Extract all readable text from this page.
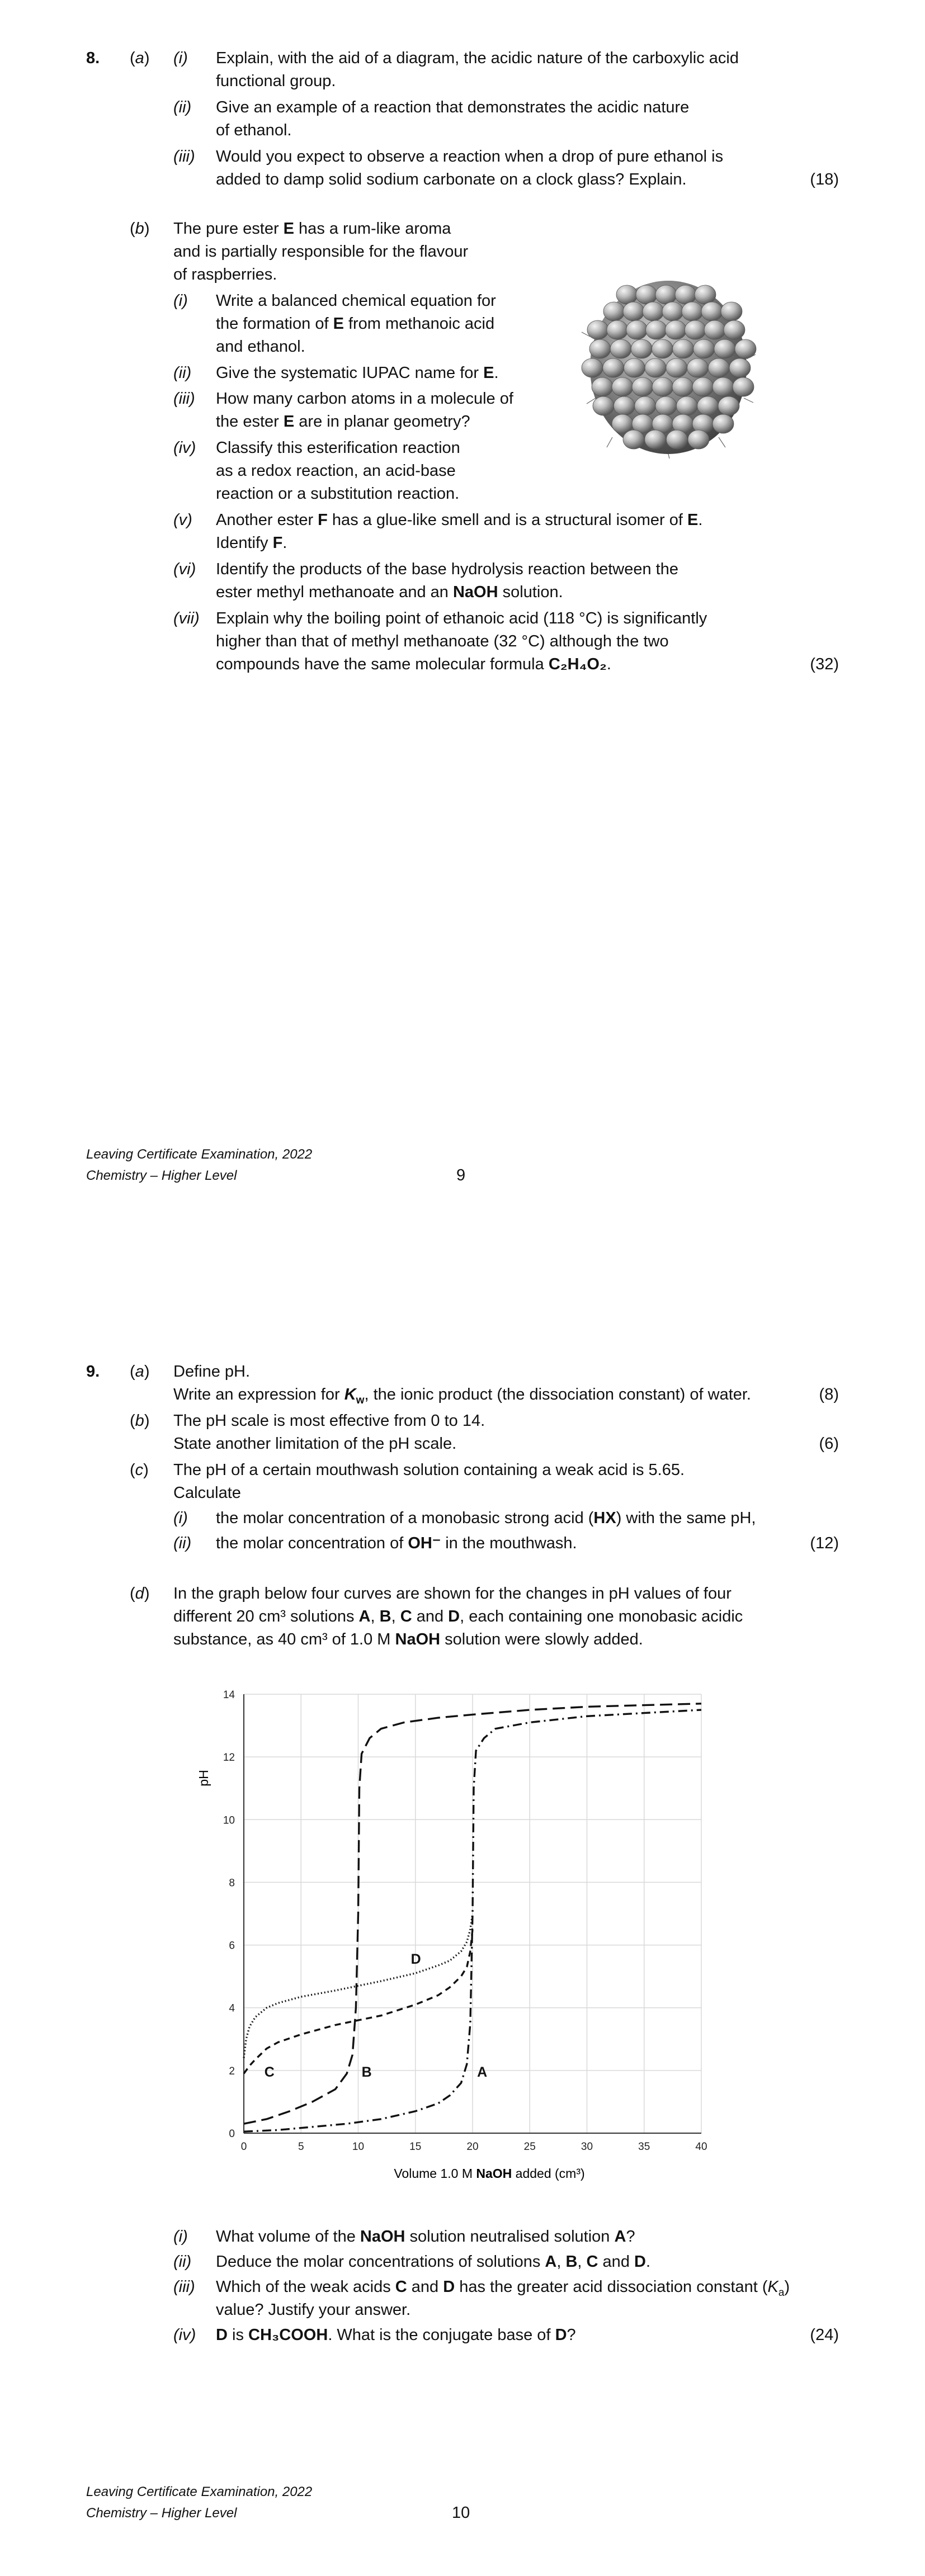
8. (a) (i) Explain, with the aid of a diagram, the acidic nature of the carboxylic acid
functional group.
(ii) Give an example of a reaction that demonstrates the acidic nature
of ethanol.
(iii) Would you expect to observe a reaction when a drop of pure ethanol is
added to damp solid sodium carbonate on a clock glass? Explain.	(18)
(b) The pure ester E has a rum-like aroma
and is partially responsible for the flavour
of raspberries.
(i) Write a balanced chemical equation for
the formation of E from methanoic acid
and ethanol.
(ii) Give the systematic IUPAC name for E.
(iii) How many carbon atoms in a molecule of
the ester E are in planar geometry?
(iv) Classify this esterification reaction
as a redox reaction, an acid-base
reaction or a substitution reaction.
(v) Another ester F has a glue-like smell and is a structural isomer of E.
Identify F.
(vi) Identify the products of the base hydrolysis reaction between the
ester methyl methanoate and an NaOH solution.
(vii) Explain why the boiling point of ethanoic acid (118 °C) is significantly
higher than that of methyl methanoate (32 °C) although the two
compounds have the same molecular formula C₂H₄O₂.	(32)
Leaving Certificate Examination, 2022
Chemistry – Higher Level	9
9. (a) Define pH.
Write an expression for $K_w$, the ionic product (the dissociation constant) of water.	(8)
(b) The pH scale is most effective from 0 to 14.
State another limitation of the pH scale.	(6)
(c) The pH of a certain mouthwash solution containing a weak acid is 5.65.
Calculate
(i) the molar concentration of a monobasic strong acid (HX) with the same pH,
(ii) the molar concentration of OH⁻ in the mouthwash.	(12)
(d) In the graph below four curves are shown for the changes in pH values of four
different 20 cm³ solutions A, B, C and D, each containing one monobasic acidic
substance, as 40 cm³ of 1.0 M NaOH solution were slowly added.
0	5	10	15	20	25	30	35	40
0
2
4
6
8
10
12
14
A
B
C
D
Volume 1.0 M NaOH added (cm³)
pH
(i) What volume of the NaOH solution neutralised solution A?
(ii) Deduce the molar concentrations of solutions A, B, C and D.
(iii) Which of the weak acids C and D has the greater acid dissociation constant $(K_a)$
value? Justify your answer.
(iv) D is CH₃COOH. What is the conjugate base of D?	(24)
Leaving Certificate Examination, 2022
Chemistry – Higher Level	10
